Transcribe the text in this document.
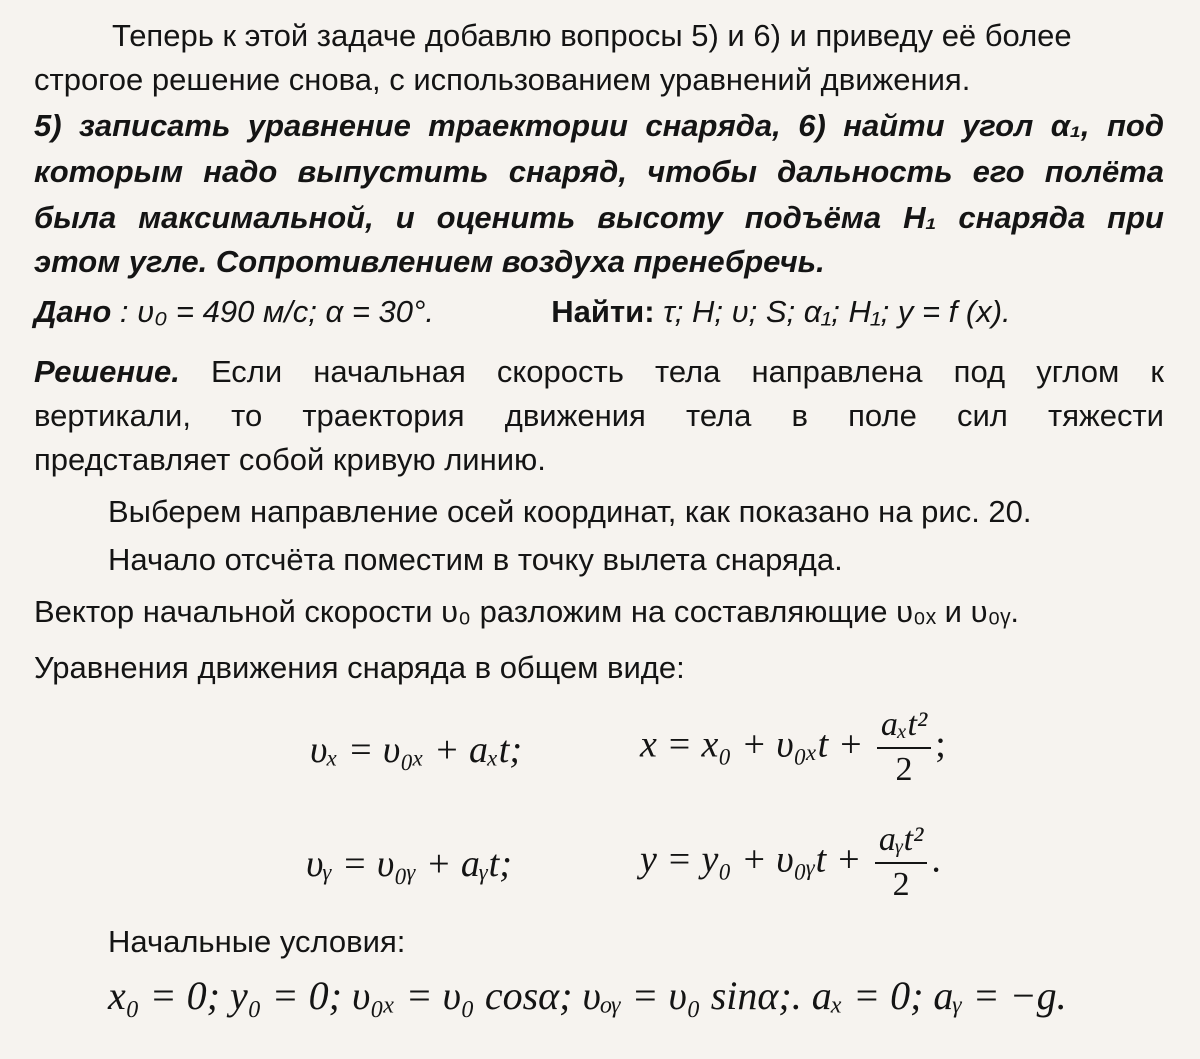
Теперь к этой задаче добавлю вопросы 5) и 6) и приведу её более
строгое решение снова, с использованием уравнений движения.
5) записать уравнение траектории снаряда, 6) найти угол α₁, под
которым надо выпустить снаряд, чтобы дальность его полёта
была максимальной, и оценить высоту подъёма H₁ снаряда при
этом угле. Сопротивлением воздуха пренебречь.
Дано : υ₀ = 490 м/с; α = 30°.	Найти: τ; H; υ; S; α₁; H₁; y = f (x).
Решение. Если начальная скорость тела направлена под углом к
вертикали, то траектория движения тела в поле сил тяжести
представляет собой кривую линию.
Выберем направление осей координат, как показано на рис. 20.
Начало отсчёта поместим в точку вылета снаряда.
Вектор начальной скорости υ₀ разложим на составляющие υ₀ₓ и υ₀ᵧ.
Уравнения движения снаряда в общем виде:
υₓ = υ₀ₓ + aₓt;	$x = x_0 + \upsilon_{0x}t + \frac{\text{aₓt²}}{2}$ ;
υᵧ = υ₀ᵧ + aᵧt;	y = y₀ + υ₀ᵧt + $\frac{\text{aᵧt²}}{2}$ .
Начальные условия:
x₀ = 0; y₀ = 0; υ₀ₓ = υ₀ cosα; υₒᵧ = υ₀ sinα;. aₓ = 0; aᵧ = −g.
